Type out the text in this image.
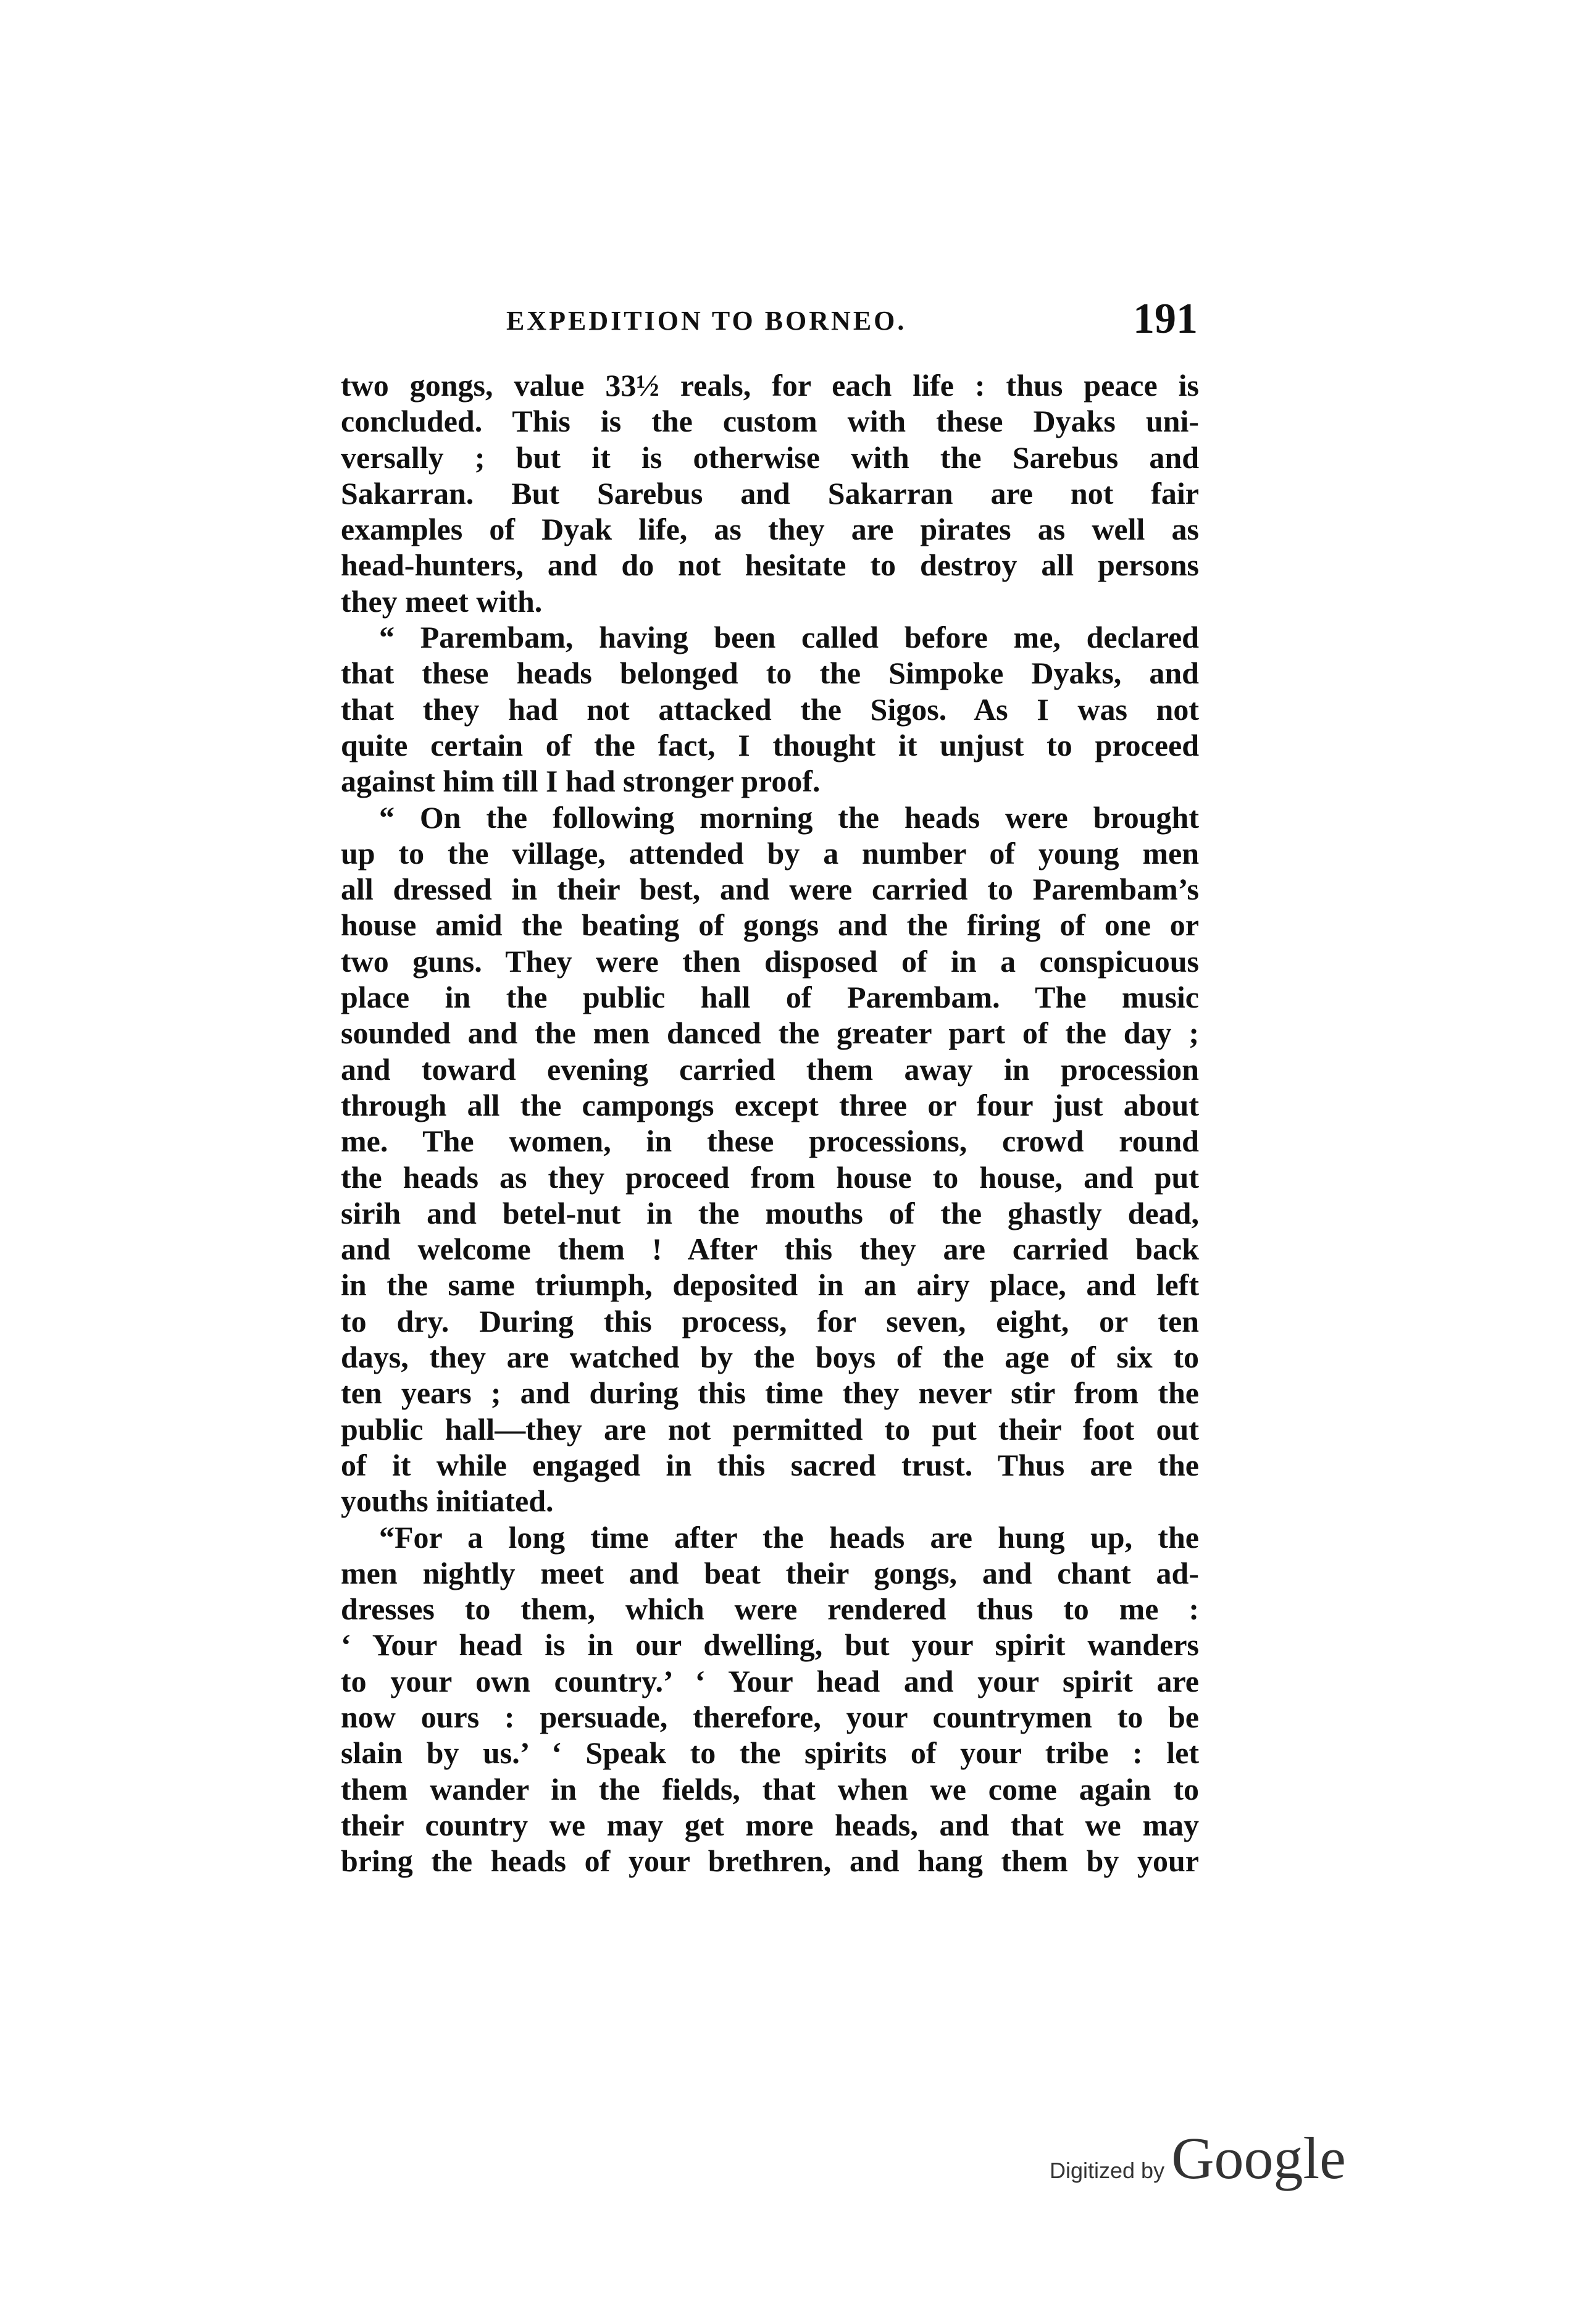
EXPEDITION TO BORNEO.	191
two gongs, value 33½ reals, for each life : thus peace is
concluded. This is the custom with these Dyaks uni-
versally ; but it is otherwise with the Sarebus and
Sakarran. But Sarebus and Sakarran are not fair
examples of Dyak life, as they are pirates as well as
head-hunters, and do not hesitate to destroy all persons
they meet with.
“ Parembam, having been called before me, declared
that these heads belonged to the Simpoke Dyaks, and
that they had not attacked the Sigos. As I was not
quite certain of the fact, I thought it unjust to proceed
against him till I had stronger proof.
“ On the following morning the heads were brought
up to the village, attended by a number of young men
all dressed in their best, and were carried to Parembam’s
house amid the beating of gongs and the firing of one or
two guns. They were then disposed of in a conspicuous
place in the public hall of Parembam. The music
sounded and the men danced the greater part of the day ;
and toward evening carried them away in procession
through all the campongs except three or four just about
me. The women, in these processions, crowd round
the heads as they proceed from house to house, and put
sirih and betel-nut in the mouths of the ghastly dead,
and welcome them ! After this they are carried back
in the same triumph, deposited in an airy place, and left
to dry. During this process, for seven, eight, or ten
days, they are watched by the boys of the age of six to
ten years ; and during this time they never stir from the
public hall—they are not permitted to put their foot out
of it while engaged in this sacred trust. Thus are the
youths initiated.
“For a long time after the heads are hung up, the
men nightly meet and beat their gongs, and chant ad-
dresses to them, which were rendered thus to me :
‘ Your head is in our dwelling, but your spirit wanders
to your own country.’ ‘ Your head and your spirit are
now ours : persuade, therefore, your countrymen to be
slain by us.’ ‘ Speak to the spirits of your tribe : let
them wander in the fields, that when we come again to
their country we may get more heads, and that we may
bring the heads of your brethren, and hang them by your
Digitized by Google
